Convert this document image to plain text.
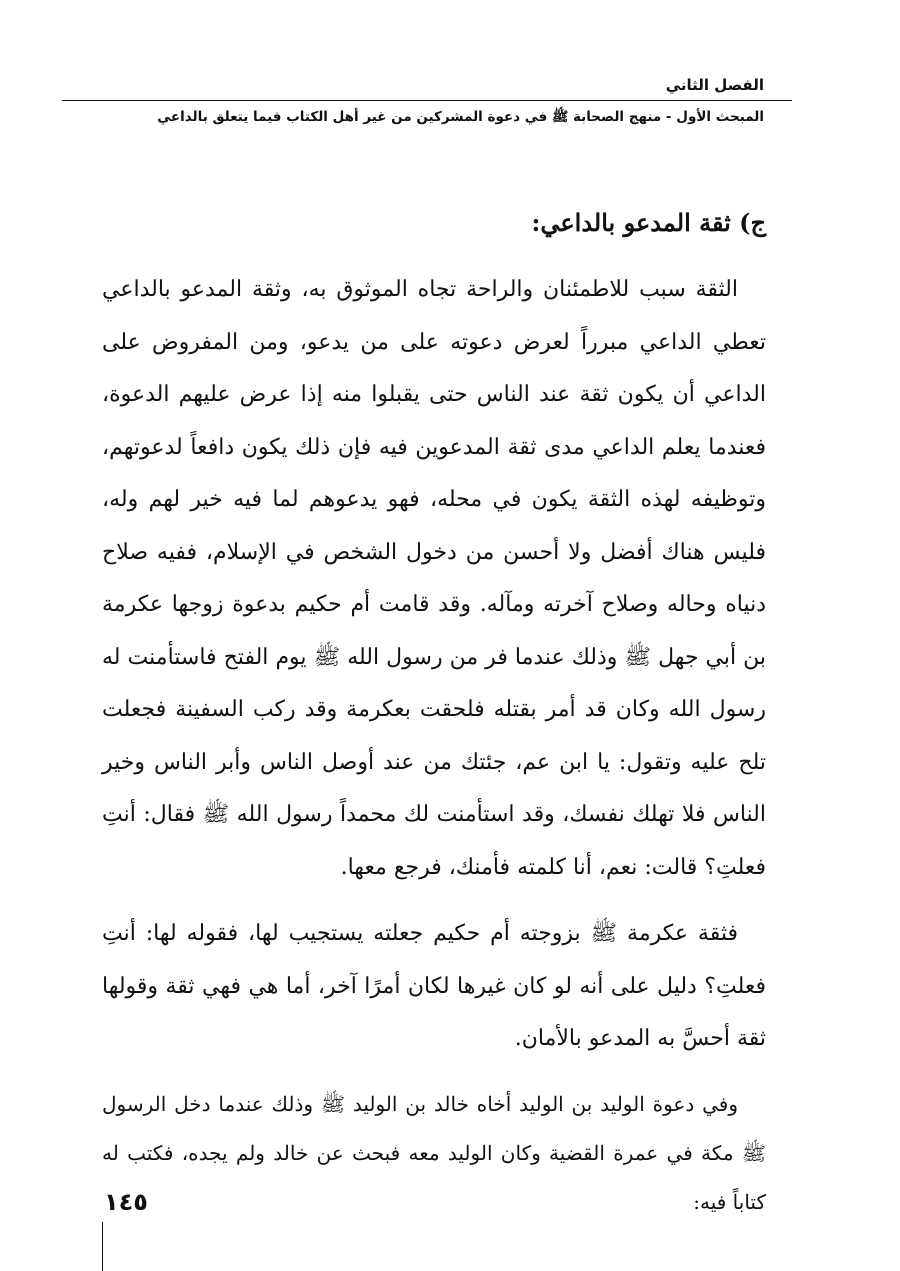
الفصل الثاني
المبحث الأول - منهج الصحابة ﷺ في دعوة المشركين من غير أهل الكتاب فيما يتعلق بالداعي
ج) ثقة المدعو بالداعي:

الثقة سبب للاطمئنان والراحة تجاه الموثوق به، وثقة المدعو بالداعي تعطي الداعي مبرراً لعرض دعوته على من يدعو، ومن المفروض على الداعي أن يكون ثقة عند الناس حتى يقبلوا منه إذا عرض عليهم الدعوة، فعندما يعلم الداعي مدى ثقة المدعوين فيه فإن ذلك يكون دافعاً لدعوتهم، وتوظيفه لهذه الثقة يكون في محله، فهو يدعوهم لما فيه خير لهم وله، فليس هناك أفضل ولا أحسن من دخول الشخص في الإسلام، ففيه صلاح دنياه وحاله وصلاح آخرته ومآله. وقد قامت أم حكيم بدعوة زوجها عكرمة بن أبي جهل ﷺ وذلك عندما فر من رسول الله ﷺ يوم الفتح فاستأمنت له رسول الله وكان قد أمر بقتله فلحقت بعكرمة وقد ركب السفينة فجعلت تلح عليه وتقول: يا ابن عم، جئتك من عند أوصل الناس وأبر الناس وخير الناس فلا تهلك نفسك، وقد استأمنت لك محمداً رسول الله ﷺ فقال: أنتِ فعلتِ؟ قالت: نعم، أنا كلمته فأمنك، فرجع معها.

فثقة عكرمة ﷺ بزوجته أم حكيم جعلته يستجيب لها، فقوله لها: أنتِ فعلتِ؟ دليل على أنه لو كان غيرها لكان أمرًا آخر، أما هي فهي ثقة وقولها ثقة أحسَّ به المدعو بالأمان.

وفي دعوة الوليد بن الوليد أخاه خالد بن الوليد ﷺ وذلك عندما دخل الرسول ﷺ مكة في عمرة القضية وكان الوليد معه فبحث عن خالد ولم يجده، فكتب له كتاباً فيه:

١٤٥
